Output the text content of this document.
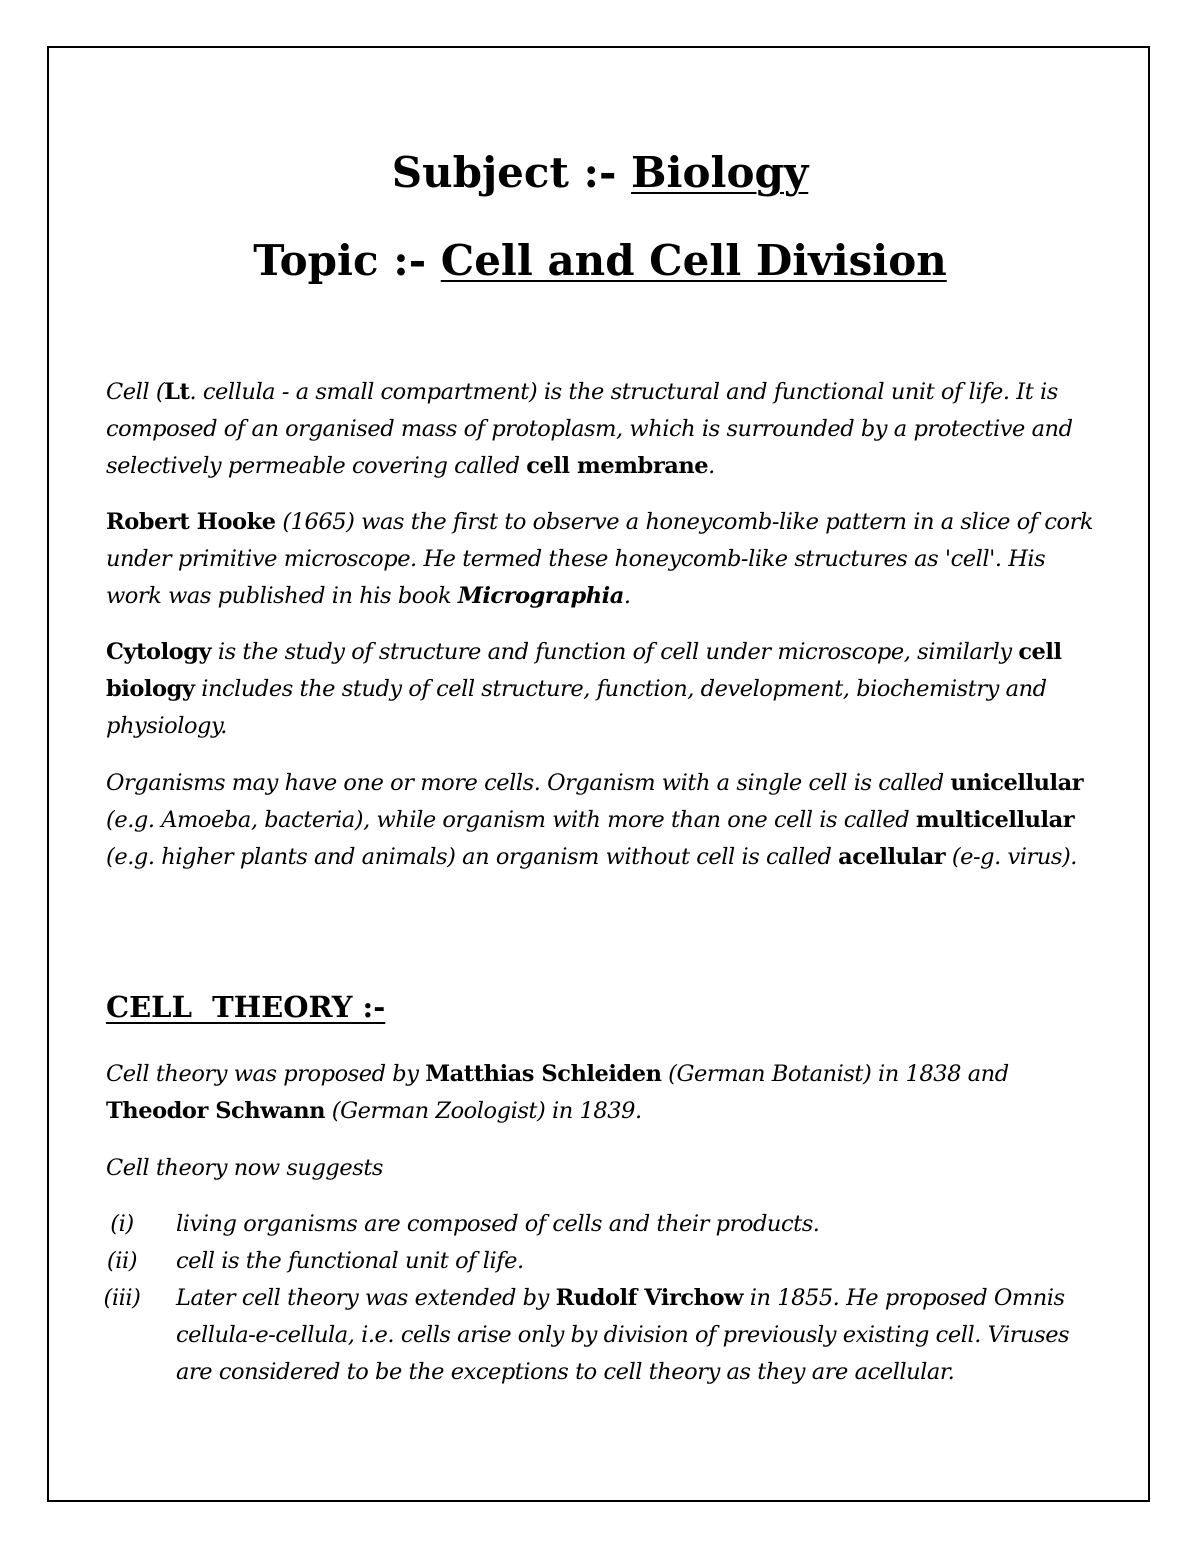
Subject :- Biology
Topic :- Cell and Cell Division

Cell (Lt. cellula - a small compartment) is the structural and functional unit of life. It is composed of an organised mass of protoplasm, which is surrounded by a protective and selectively permeable covering called cell membrane.

Robert Hooke (1665) was the first to observe a honeycomb-like pattern in a slice of cork under primitive microscope. He termed these honeycomb-like structures as 'cell'. His work was published in his book Micrographia.

Cytology is the study of structure and function of cell under microscope, similarly cell biology includes the study of cell structure, function, development, biochemistry and physiology.

Organisms may have one or more cells. Organism with a single cell is called unicellular (e.g. Amoeba, bacteria), while organism with more than one cell is called multicellular (e.g. higher plants and animals) an organism without cell is called acellular (e-g. virus).

CELL  THEORY :-

Cell theory was proposed by Matthias Schleiden (German Botanist) in 1838 and Theodor Schwann (German Zoologist) in 1839.

Cell theory now suggests

(i)	living organisms are composed of cells and their products.
(ii)	cell is the functional unit of life.
(iii)	Later cell theory was extended by Rudolf Virchow in 1855. He proposed Omnis cellula-e-cellula, i.e. cells arise only by division of previously existing cell. Viruses are considered to be the exceptions to cell theory as they are acellular.
